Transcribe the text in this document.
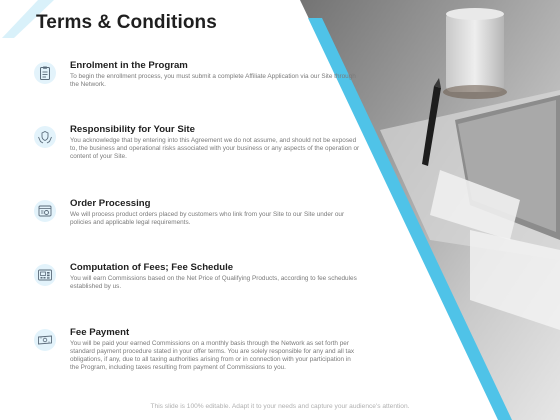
Terms & Conditions

Enrolment in the Program

To begin the enrollment process, you must submit a complete Affiliate Application via our Site through the Network.

Responsibility for Your Site

You acknowledge that by entering into this Agreement we do not assume, and should not be exposed to, the business and operational risks associated with your business or any aspects of the operation or content of your Site.

Order Processing

We will process product orders placed by customers who link from your Site to our Site under our policies and applicable legal requirements.

Computation of Fees; Fee Schedule

You will earn Commissions based on the Net Price of Qualifying Products, according to fee schedules established by us.

Fee Payment

You will be paid your earned Commissions on a monthly basis through the Network as set forth per standard payment procedure stated in your offer terms. You are solely responsible for any and all tax obligations, if any, due to all taxing authorities arising from or in connection with your participation in the Program, including taxes resulting from payment of Commissions to you.

This slide is 100% editable. Adapt it to your needs and capture your audience's attention.
